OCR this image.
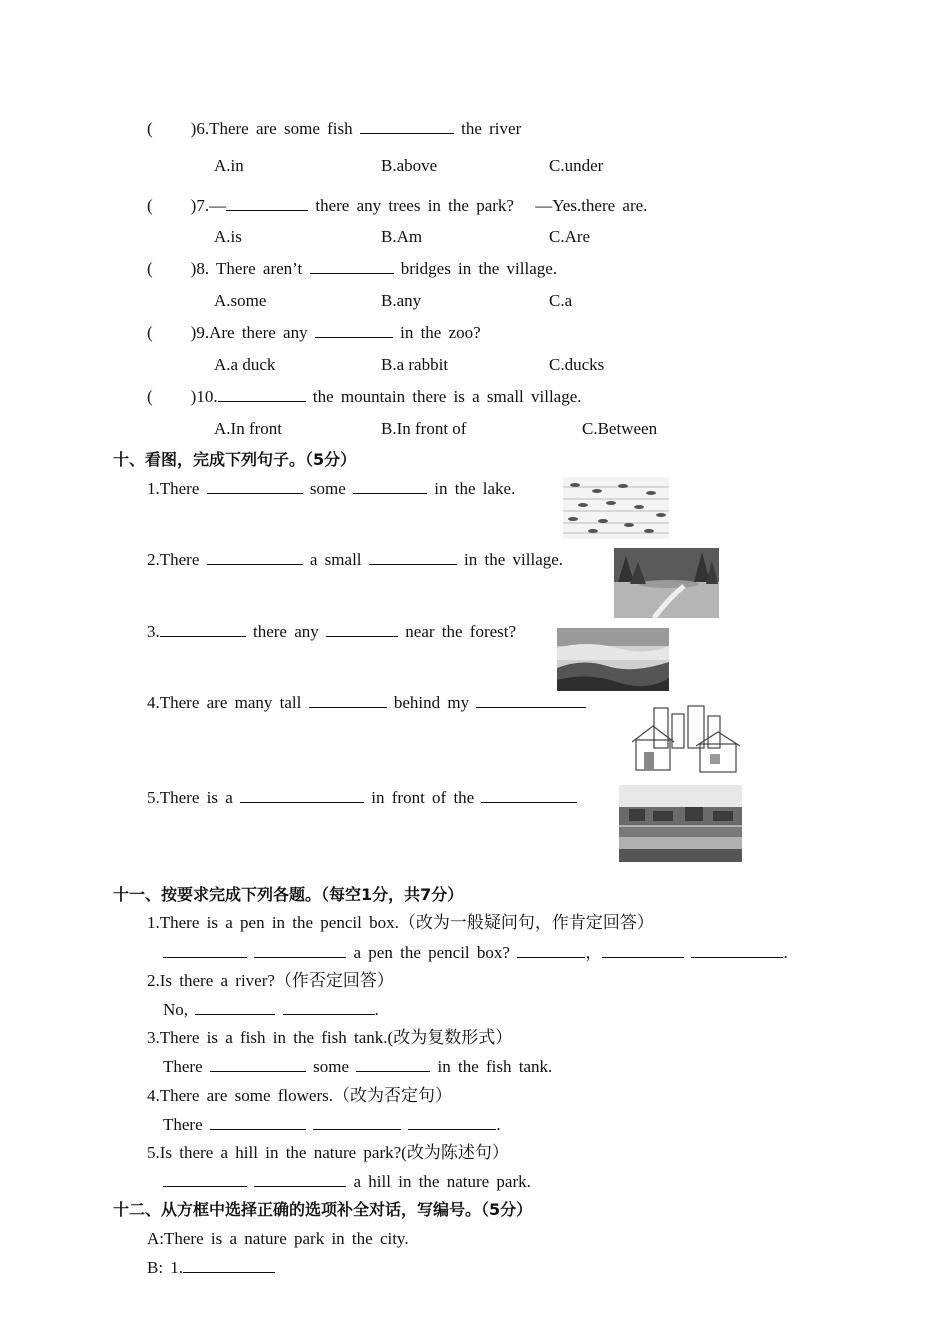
( )6.There are some fish	the river
A.in	B.above	C.under
( )7.—	there any trees in the park? —Yes.there are.
A.is	B.Am	C.Are
( )8. There aren’t	bridges in the village.
A.some	B.any	C.a
( )9.Are there any	in the zoo?
A.a duck	B.a rabbit	C.ducks
( )10.	the mountain there is a small village.
A.In front	B.In front of	C.Between
十、看图，完成下列句子。（5分）
1.There	some	in the lake.
2.There	a small	in the village.
3.	there any	near the forest?
4.There are many tall	behind my
5.There is a	in front of the
十一、按要求完成下列各题。（每空1分，共7分）
1.There is a pen in the pencil box.（改为一般疑问句，作肯定回答）
a pen the pencil box?	，	.
2.Is there a river?（作否定回答）
No,	.
3.There is a fish in the fish tank.(改为复数形式）
There	some	in the fish tank.
4.There are some flowers.（改为否定句）
There	.
5.Is there a hill in the nature park?(改为陈述句）
a hill in the nature park.
十二、从方框中选择正确的选项补全对话，写编号。（5分）
A:There is a nature park in the city.
B: 1.
